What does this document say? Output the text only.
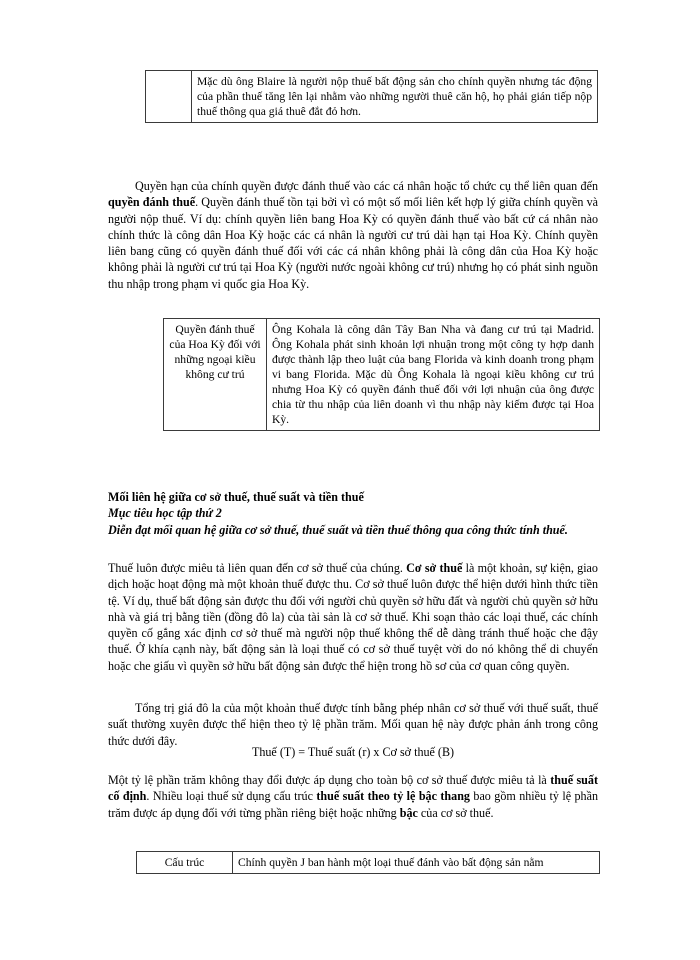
	Mặc dù ông Blaire là người nộp thuế bất động sản cho chính quyền nhưng tác động của phần thuế tăng lên lại nhằm vào những người thuê căn hộ, họ phải gián tiếp nộp thuế thông qua giá thuê đắt đỏ hơn.

Quyền hạn của chính quyền được đánh thuế vào các cá nhân hoặc tổ chức cụ thể liên quan đến quyền đánh thuế. Quyền đánh thuế tồn tại bởi vì có một số mối liên kết hợp lý giữa chính quyền và người nộp thuế. Ví dụ: chính quyền liên bang Hoa Kỳ có quyền đánh thuế vào bất cứ cá nhân nào chính thức là công dân Hoa Kỳ hoặc các cá nhân là người cư trú dài hạn tại Hoa Kỳ. Chính quyền liên bang cũng có quyền đánh thuế đối với các cá nhân không phải là công dân của Hoa Kỳ hoặc không phải là người cư trú tại Hoa Kỳ (người nước ngoài không cư trú) nhưng họ có phát sinh nguồn thu nhập trong phạm vi quốc gia Hoa Kỳ.

Quyền đánh thuế của Hoa Kỳ đối với những ngoại kiều không cư trú	Ông Kohala là công dân Tây Ban Nha và đang cư trú tại Madrid. Ông Kohala phát sinh khoản lợi nhuận trong một công ty hợp danh được thành lập theo luật của bang Florida và kinh doanh trong phạm vi bang Florida. Mặc dù Ông Kohala là ngoại kiều không cư trú nhưng Hoa Kỳ có quyền đánh thuế đối với lợi nhuận của ông được chia từ thu nhập của liên doanh vì thu nhập này kiếm được tại Hoa Kỳ.

Mối liên hệ giữa cơ sở thuế, thuế suất và tiền thuế

Mục tiêu học tập thứ 2

Diễn đạt mối quan hệ giữa cơ sở thuế, thuế suất và tiền thuế thông qua công thức tính thuế.

Thuế luôn được miêu tả liên quan đến cơ sở thuế của chúng. Cơ sở thuế là một khoản, sự kiện, giao dịch hoặc hoạt động mà một khoản thuế được thu. Cơ sở thuế luôn được thể hiện dưới hình thức tiền tệ. Ví dụ, thuế bất động sản được thu đối với người chủ quyền sở hữu đất và người chủ quyền sở hữu nhà và giá trị bằng tiền (đồng đô la) của tài sản là cơ sở thuế. Khi soạn thảo các loại thuế, các chính quyền cố gắng xác định cơ sở thuế mà người nộp thuế không thể dễ dàng tránh thuế hoặc che đậy thuế. Ở khía cạnh này, bất động sản là loại thuế có cơ sở thuế tuyệt vời do nó không thể di chuyển hoặc che giấu vì quyền sở hữu bất động sản được thể hiện trong hồ sơ của cơ quan công quyền.

Tổng trị giá đô la của một khoản thuế được tính bằng phép nhân cơ sở thuế với thuế suất, thuế suất thường xuyên được thể hiện theo tỷ lệ phần trăm. Mối quan hệ này được phản ánh trong công thức dưới đây.

Thuế (T) = Thuế suất (r) x Cơ sở thuế (B)

Một tỷ lệ phần trăm không thay đổi được áp dụng cho toàn bộ cơ sở thuế được miêu tả là thuế suất cố định. Nhiều loại thuế sử dụng cấu trúc thuế suất theo tỷ lệ bậc thang bao gồm nhiều tỷ lệ phần trăm được áp dụng đối với từng phần riêng biệt hoặc những bậc của cơ sở thuế.

Cấu trúc	Chính quyền J ban hành một loại thuế đánh vào bất động sản nằm
